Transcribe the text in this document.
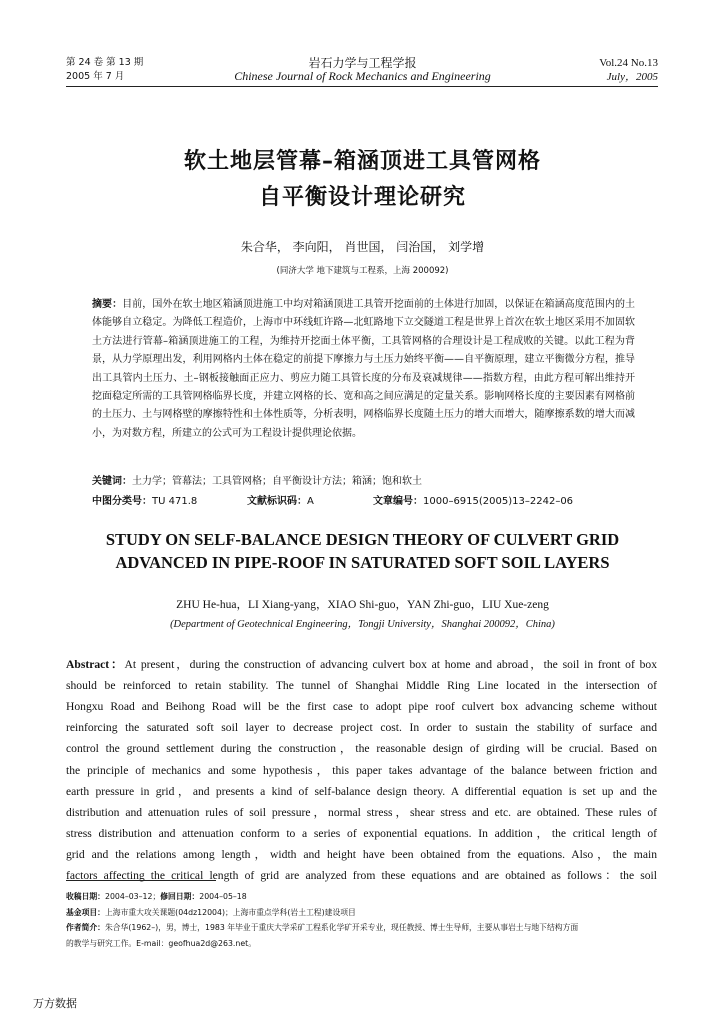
第 24 卷 第 13 期
2005 年 7 月
岩石力学与工程学报
Chinese Journal of Rock Mechanics and Engineering
Vol.24 No.13
July，2005
软土地层管幕–箱涵顶进工具管网格
自平衡设计理论研究
朱合华， 李向阳， 肖世国， 闫治国， 刘学增
(同济大学 地下建筑与工程系，上海 200092)
摘要：目前，国外在软土地区箱涵顶进施工中均对箱涵顶进工具管开挖面前的土体进行加固，以保证在箱涵高度范围内的土体能够自立稳定。为降低工程造价，上海市中环线虹许路—北虹路地下立交隧道工程是世界上首次在软土地区采用不加固软土方法进行管幕–箱涵顶进施工的工程，为维持开挖面土体平衡，工具管网格的合理设计是工程成败的关键。以此工程为背景，从力学原理出发，利用网格内土体在稳定的前提下摩擦力与土压力始终平衡——自平衡原理，建立平衡微分方程，推导出工具管内土压力、土–钢板接触面正应力、剪应力随工具管长度的分布及衰减规律——指数方程，由此方程可解出维持开挖面稳定所需的工具管网格临界长度，并建立网格的长、宽和高之间应满足的定量关系。影响网格长度的主要因素有网格前的土压力、土与网格壁的摩擦特性和土体性质等，分析表明，网格临界长度随土压力的增大而增大，随摩擦系数的增大而减小，为对数方程，所建立的公式可为工程设计提供理论依据。
关键词：土力学；管幕法；工具管网格；自平衡设计方法；箱涵；饱和软土
中图分类号：TU 471.8	文献标识码：A	文章编号：1000–6915(2005)13–2242–06
STUDY ON SELF-BALANCE DESIGN THEORY OF CULVERT GRID
ADVANCED IN PIPE-ROOF IN SATURATED SOFT SOIL LAYERS
ZHU He-hua，LI Xiang-yang，XIAO Shi-guo，YAN Zhi-guo，LIU Xue-zeng
(Department of Geotechnical Engineering，Tongji University，Shanghai 200092，China)
Abstract：At present，during the construction of advancing culvert box at home and abroad，the soil in front of box
should be reinforced to retain stability. The tunnel of Shanghai Middle Ring Line located in the intersection of
Hongxu Road and Beihong Road will be the first case to adopt pipe roof culvert box advancing scheme without
reinforcing the saturated soft soil layer to decrease project cost. In order to sustain the stability of surface and
control the ground settlement during the construction，the reasonable design of girding will be crucial. Based on
the principle of mechanics and some hypothesis，this paper takes advantage of the balance between friction and
earth pressure in grid，and presents a kind of self-balance design theory. A differential equation is set up and the
distribution and attenuation rules of soil pressure，normal stress，shear stress and etc. are obtained. These rules of
stress distribution and attenuation conform to a series of exponential equations. In addition，the critical length of
grid and the relations among length，width and height have been obtained from the equations. Also，the main
factors affecting the critical length of grid are analyzed from these equations and are obtained as follows：the soil
收稿日期：2004–03–12；修回日期：2004–05–18
基金项目：上海市重大攻关课题(04dz12004)；上海市重点学科(岩土工程)建设项目
作者简介：朱合华(1962–)，男，博士，1983 年毕业于重庆大学采矿工程系化学矿开采专业，现任教授、博士生导师，主要从事岩土与地下结构方面
的教学与研究工作。E-mail：geofhua2d@263.net。
万方数据
